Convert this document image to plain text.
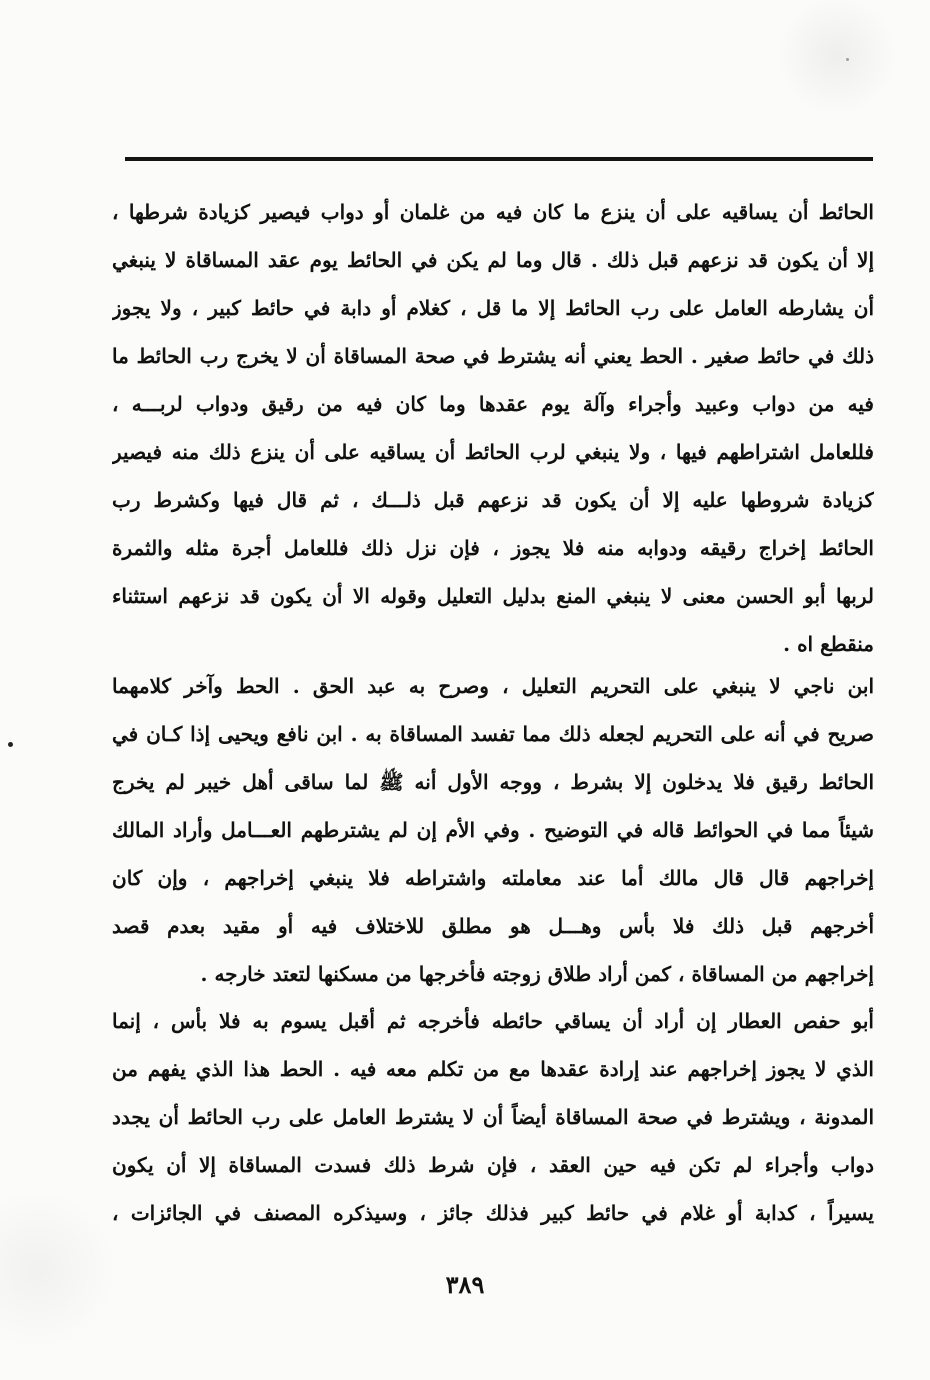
الحائط أن يساقيه على أن ينزع ما كان فيه من غلمان أو دواب فيصير كزيادة شرطها ،
إلا أن يكون قد نزعهم قبل ذلك . قال وما لم يكن في الحائط يوم عقد المساقاة لا ينبغي
أن يشارطه العامل على رب الحائط إلا ما قل ، كغلام أو دابة في حائط كبير ، ولا يجوز
ذلك في حائط صغير . الحط يعني أنه يشترط في صحة المساقاة أن لا يخرج رب الحائط ما
فيه من دواب وعبيد وأجراء وآلة يوم عقدها وما كان فيه من رقيق ودواب لربـــه ،
فللعامل اشتراطهم فيها ، ولا ينبغي لرب الحائط أن يساقيه على أن ينزع ذلك منه فيصير
كزيادة شروطها عليه إلا أن يكون قد نزعهم قبل ذلـــك ، ثم قال فيها وكشرط رب
الحائط إخراج رقيقه ودوابه منه فلا يجوز ، فإن نزل ذلك فللعامل أجرة مثله والثمرة
لربها أبو الحسن معنى لا ينبغي المنع بدليل التعليل وقوله الا أن يكون قد نزعهم استثناء
منقطع اه .
ابن ناجي لا ينبغي على التحريم التعليل ، وصرح به عبد الحق . الحط وآخر كلامهما
صريح في أنه على التحريم لجعله ذلك مما تفسد المساقاة به . ابن نافع ويحيى إذا كـان في
الحائط رقيق فلا يدخلون إلا بشرط ، ووجه الأول أنه ﷺ لما ساقى أهل خيبر لم يخرج
شيئاً مما في الحوائط قاله في التوضيح . وفي الأم إن لم يشترطهم العـــامل وأراد المالك
إخراجهم قال قال مالك أما عند معاملته واشتراطه فلا ينبغي إخراجهم ، وإن كان
أخرجهم قبل ذلك فلا بأس وهـــل هو مطلق للاختلاف فيه أو مقيد بعدم قصد
إخراجهم من المساقاة ، كمن أراد طلاق زوجته فأخرجها من مسكنها لتعتد خارجه .
أبو حفص العطار إن أراد أن يساقي حائطه فأخرجه ثم أقبل يسوم به فلا بأس ، إنما
الذي لا يجوز إخراجهم عند إرادة عقدها مع من تكلم معه فيه . الحط هذا الذي يفهم من
المدونة ، ويشترط في صحة المساقاة أيضاً أن لا يشترط العامل على رب الحائط أن يجدد
دواب وأجراء لم تكن فيه حين العقد ، فإن شرط ذلك فسدت المساقاة إلا أن يكون
يسيراً ، كدابة أو غلام في حائط كبير فذلك جائز ، وسيذكره المصنف في الجائزات ،
٣٨٩
